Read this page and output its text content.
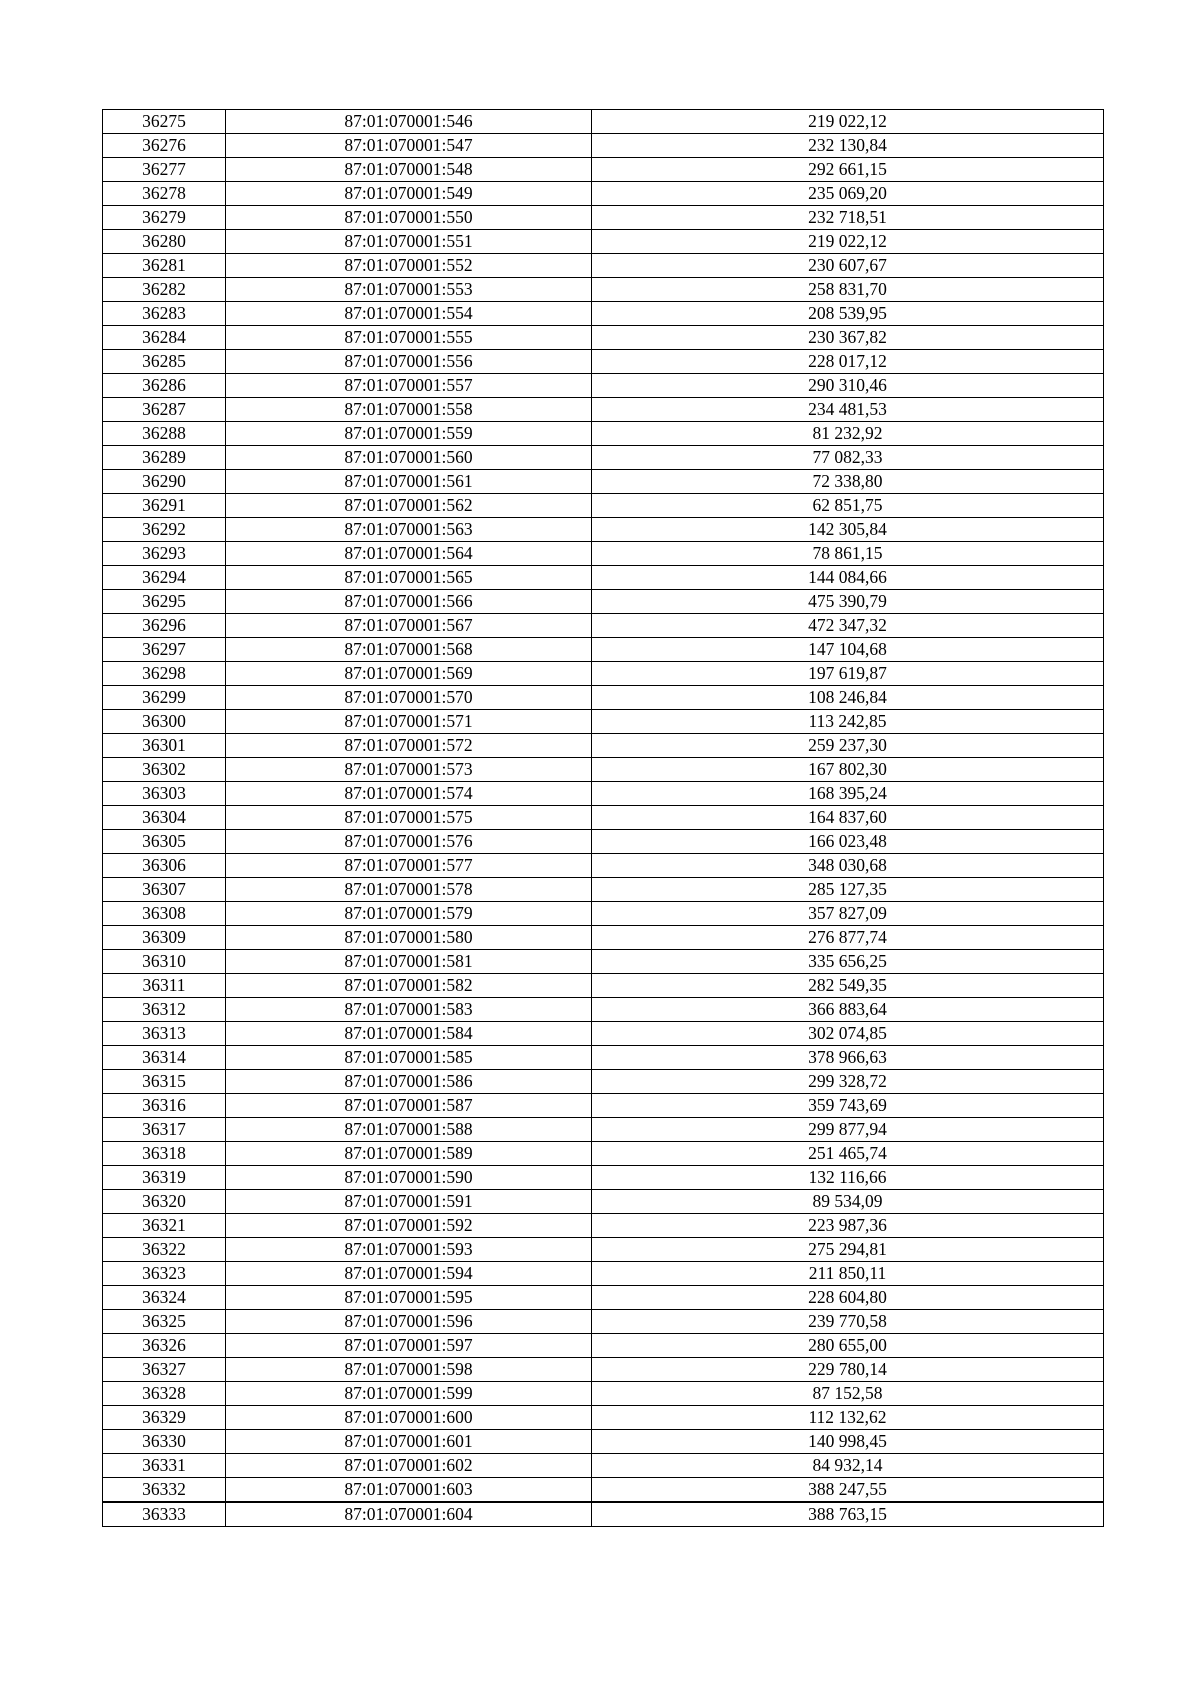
36275	87:01:070001:546	219 022,12
36276	87:01:070001:547	232 130,84
36277	87:01:070001:548	292 661,15
36278	87:01:070001:549	235 069,20
36279	87:01:070001:550	232 718,51
36280	87:01:070001:551	219 022,12
36281	87:01:070001:552	230 607,67
36282	87:01:070001:553	258 831,70
36283	87:01:070001:554	208 539,95
36284	87:01:070001:555	230 367,82
36285	87:01:070001:556	228 017,12
36286	87:01:070001:557	290 310,46
36287	87:01:070001:558	234 481,53
36288	87:01:070001:559	81 232,92
36289	87:01:070001:560	77 082,33
36290	87:01:070001:561	72 338,80
36291	87:01:070001:562	62 851,75
36292	87:01:070001:563	142 305,84
36293	87:01:070001:564	78 861,15
36294	87:01:070001:565	144 084,66
36295	87:01:070001:566	475 390,79
36296	87:01:070001:567	472 347,32
36297	87:01:070001:568	147 104,68
36298	87:01:070001:569	197 619,87
36299	87:01:070001:570	108 246,84
36300	87:01:070001:571	113 242,85
36301	87:01:070001:572	259 237,30
36302	87:01:070001:573	167 802,30
36303	87:01:070001:574	168 395,24
36304	87:01:070001:575	164 837,60
36305	87:01:070001:576	166 023,48
36306	87:01:070001:577	348 030,68
36307	87:01:070001:578	285 127,35
36308	87:01:070001:579	357 827,09
36309	87:01:070001:580	276 877,74
36310	87:01:070001:581	335 656,25
36311	87:01:070001:582	282 549,35
36312	87:01:070001:583	366 883,64
36313	87:01:070001:584	302 074,85
36314	87:01:070001:585	378 966,63
36315	87:01:070001:586	299 328,72
36316	87:01:070001:587	359 743,69
36317	87:01:070001:588	299 877,94
36318	87:01:070001:589	251 465,74
36319	87:01:070001:590	132 116,66
36320	87:01:070001:591	89 534,09
36321	87:01:070001:592	223 987,36
36322	87:01:070001:593	275 294,81
36323	87:01:070001:594	211 850,11
36324	87:01:070001:595	228 604,80
36325	87:01:070001:596	239 770,58
36326	87:01:070001:597	280 655,00
36327	87:01:070001:598	229 780,14
36328	87:01:070001:599	87 152,58
36329	87:01:070001:600	112 132,62
36330	87:01:070001:601	140 998,45
36331	87:01:070001:602	84 932,14
36332	87:01:070001:603	388 247,55
36333	87:01:070001:604	388 763,15
